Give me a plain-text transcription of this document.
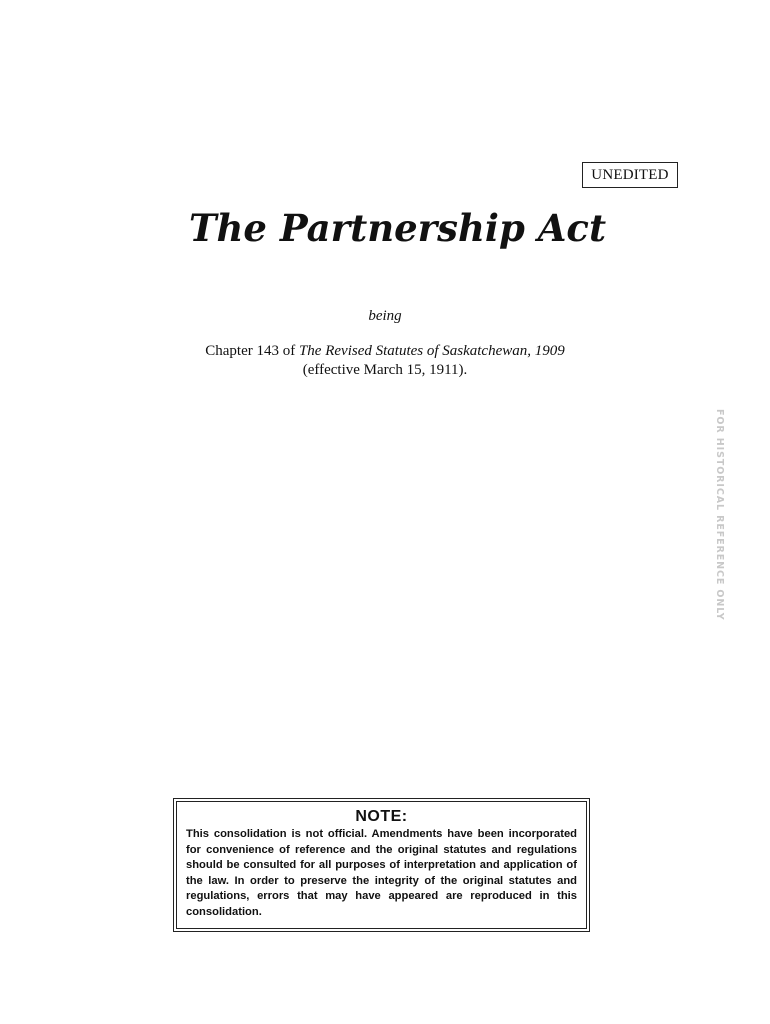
UNEDITED
The Partnership Act
being
Chapter 143 of The Revised Statutes of Saskatchewan, 1909
(effective March 15, 1911).
FOR HISTORICAL REFERENCE ONLY
NOTE:

This consolidation is not official. Amendments have been incorporated for convenience of reference and the original statutes and regulations should be consulted for all purposes of interpretation and application of the law. In order to preserve the integrity of the original statutes and regulations, errors that may have appeared are reproduced in this consolidation.
